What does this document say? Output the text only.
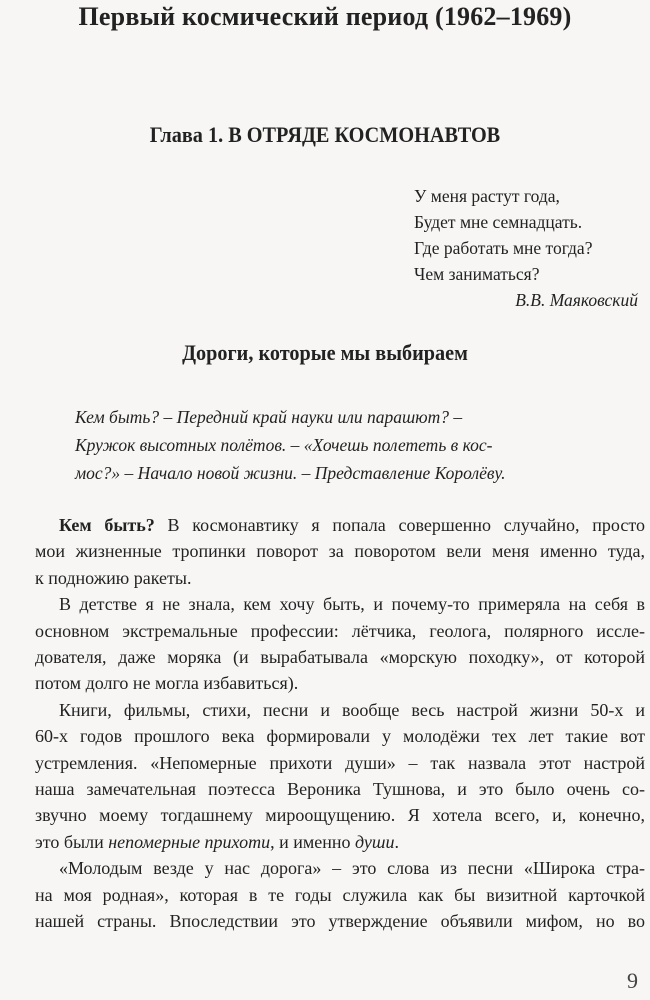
Первый космический период (1962–1969)
Глава 1. В ОТРЯДЕ КОСМОНАВТОВ
У меня растут года,
Будет мне семнадцать.
Где работать мне тогда?
Чем заниматься?
В.В. Маяковский
Дороги, которые мы выбираем
Кем быть? – Передний край науки или парашют? –
Кружок высотных полётов. – «Хочешь полететь в кос-
мос?» – Начало новой жизни. – Представление Королёву.
Кем быть? В космонавтику я попала совершенно случайно, просто
мои жизненные тропинки поворот за поворотом вели меня именно туда,
к подножию ракеты.
В детстве я не знала, кем хочу быть, и почему-то примеряла на себя в
основном экстремальные профессии: лётчика, геолога, полярного иссле-
дователя, даже моряка (и вырабатывала «морскую походку», от которой
потом долго не могла избавиться).
Книги, фильмы, стихи, песни и вообще весь настрой жизни 50-х и
60-х годов прошлого века формировали у молодёжи тех лет такие вот
устремления. «Непомерные прихоти души» – так назвала этот настрой
наша замечательная поэтесса Вероника Тушнова, и это было очень со-
звучно моему тогдашнему мироощущению. Я хотела всего, и, конечно,
это были непомерные прихоти, и именно души.
«Молодым везде у нас дорога» – это слова из песни «Широка стра-
на моя родная», которая в те годы служила как бы визитной карточкой
нашей страны. Впоследствии это утверждение объявили мифом, но во
9
